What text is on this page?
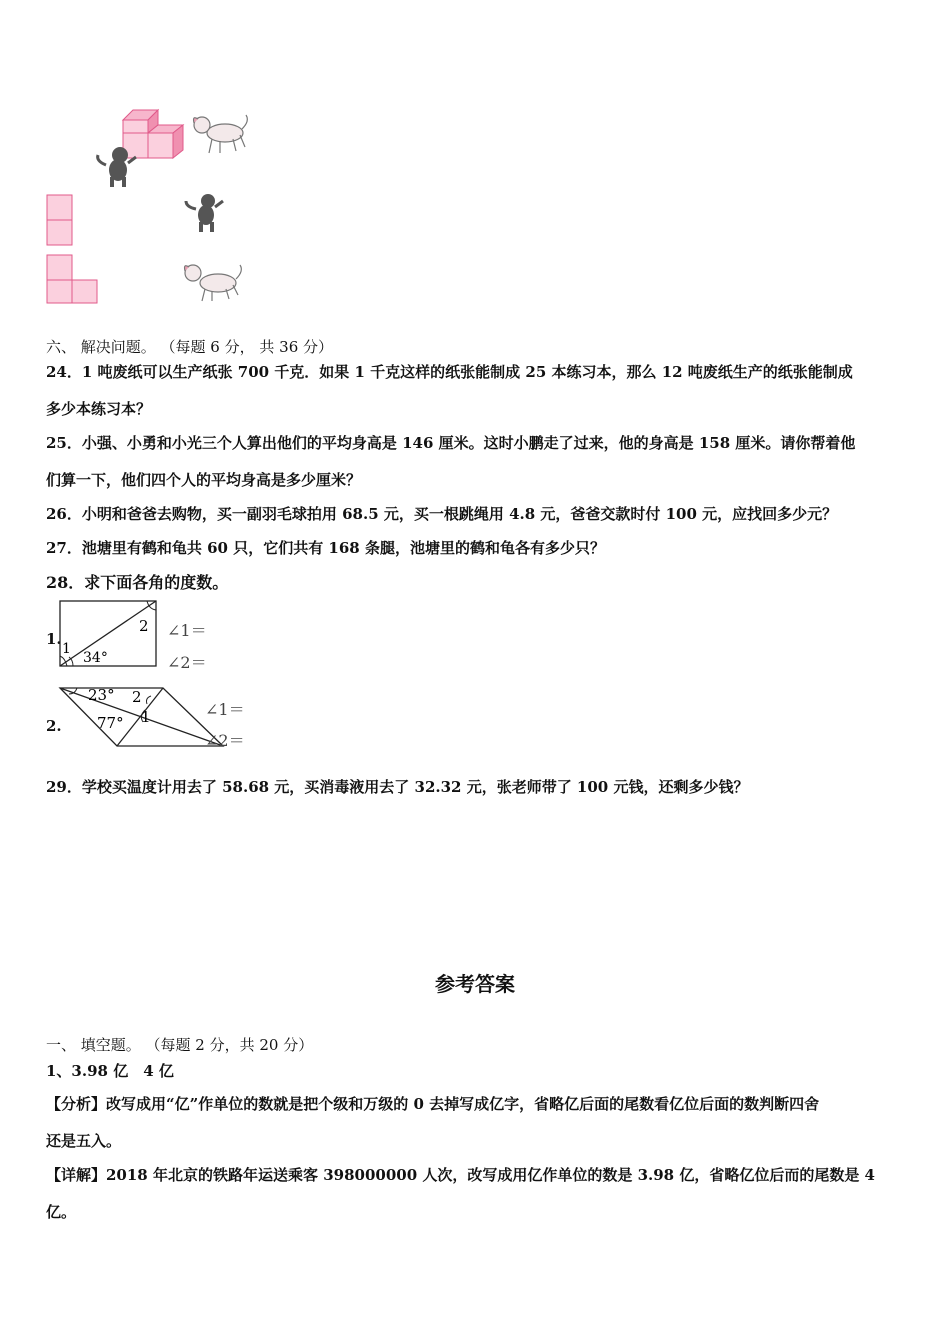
六、 解决问题。 （每题 6 分， 共 36 分）
24．1 吨废纸可以生产纸张 700 千克．如果 1 千克这样的纸张能制成 25 本练习本，那么 12 吨废纸生产的纸张能制成
多少本练习本？
25．小强、小勇和小光三个人算出他们的平均身高是 146 厘米。这时小鹏走了过来，他的身高是 158 厘米。请你帮着他
们算一下，他们四个人的平均身高是多少厘米？
26．小明和爸爸去购物，买一副羽毛球拍用 68.5 元，买一根跳绳用 4.8 元，爸爸交款时付 100 元，应找回多少元？
27．池塘里有鹤和龟共 60 只，它们共有 168 条腿，池塘里的鹤和龟各有多少只？
28．求下面各角的度数。
1.
2
1
34°
∠1＝
∠2＝
2.
23°
77°
2
1	∠1＝
∠2＝
29．学校买温度计用去了 58.68 元，买消毒液用去了 32.32 元，张老师带了 100 元钱，还剩多少钱？
参考答案
一、 填空题。 （每题 2 分，共 20 分）
1、3.98 亿　4 亿
【分析】改写成用“亿”作单位的数就是把个级和万级的 0 去掉写成亿字，省略亿后面的尾数看亿位后面的数判断四舍
还是五入。
【详解】2018 年北京的铁路年运送乘客 398000000 人次，改写成用亿作单位的数是 3.98 亿，省略亿位后而的尾数是 4
亿。
